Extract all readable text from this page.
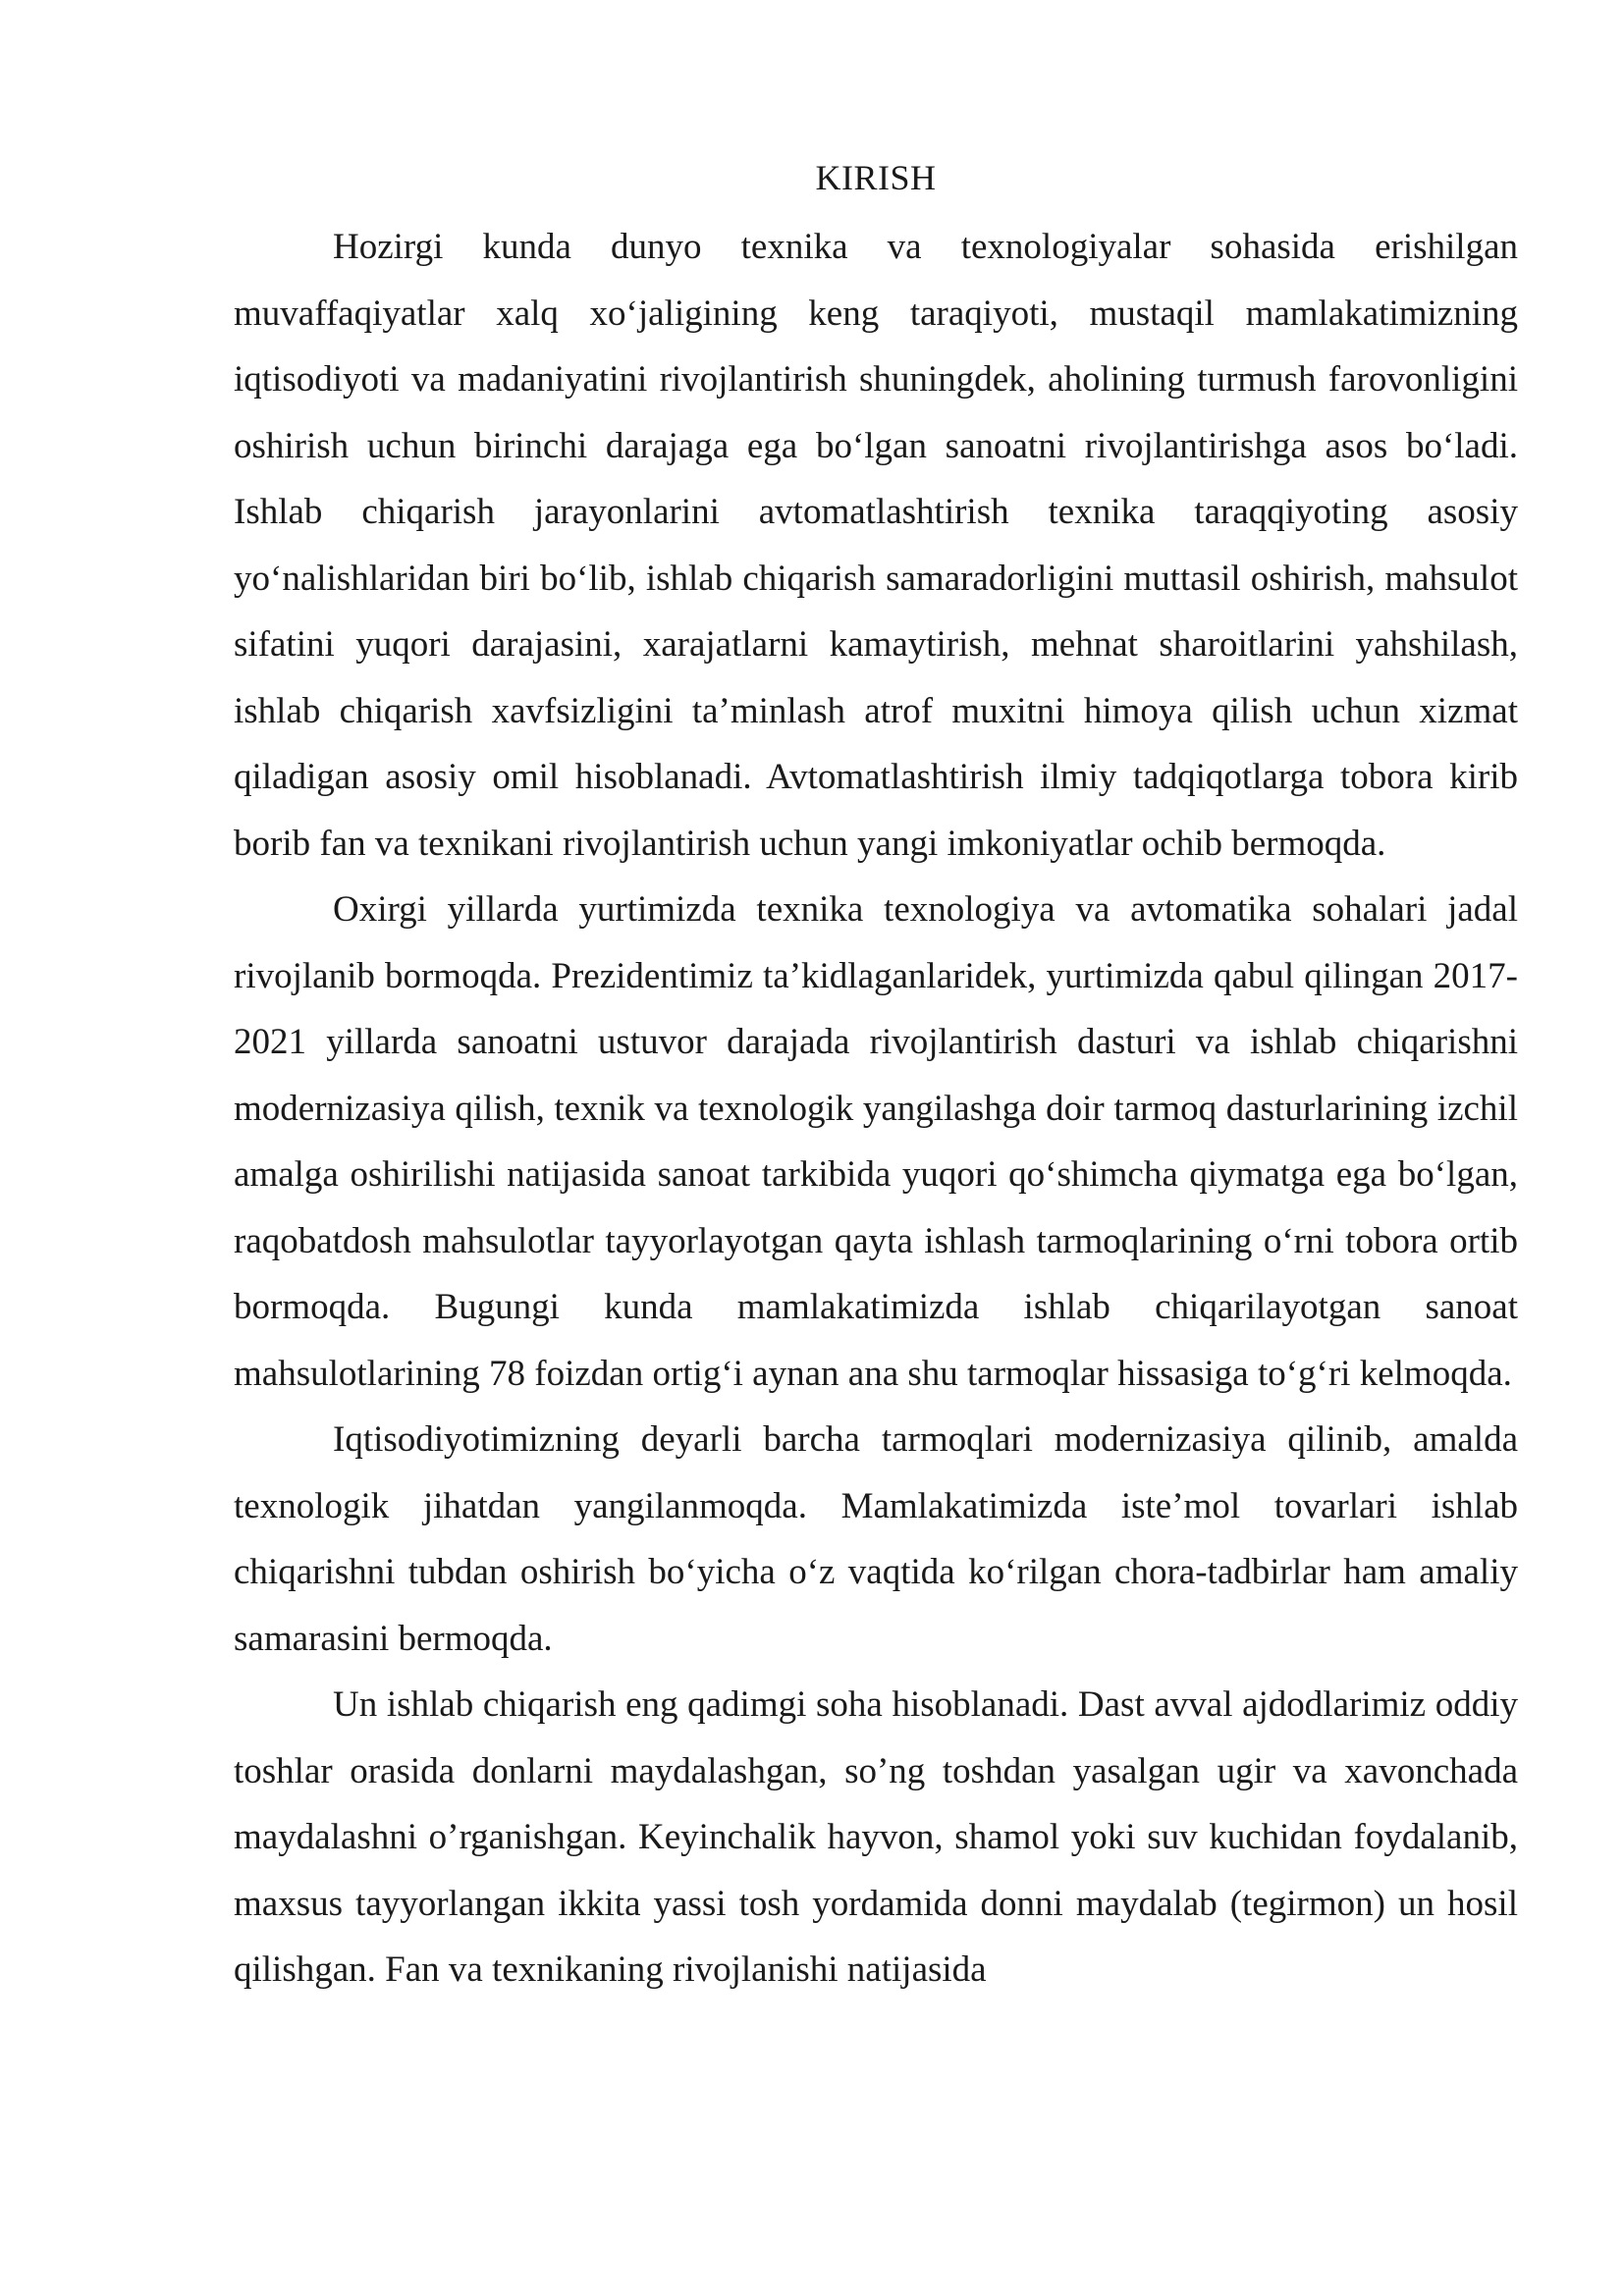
KIRISH

Hozirgi kunda dunyo texnika va texnologiyalar sohasida erishilgan muvaffaqiyatlar xalq xo‘jaligining keng taraqiyoti, mustaqil mamlakatimizning iqtisodiyoti va madaniyatini rivojlantirish shuningdek, aholining turmush farovonligini oshirish uchun birinchi darajaga ega bo‘lgan sanoatni rivojlantirishga asos bo‘ladi. Ishlab chiqarish jarayonlarini avtomatlashtirish texnika taraqqiyoting asosiy yo‘nalishlaridan biri bo‘lib, ishlab chiqarish samaradorligini muttasil oshirish, mahsulot sifatini yuqori darajasini, xarajatlarni kamaytirish, mehnat sharoitlarini yahshilash, ishlab chiqarish xavfsizligini ta’minlash atrof muxitni himoya qilish uchun xizmat qiladigan asosiy omil hisoblanadi. Avtomatlashtirish ilmiy tadqiqotlarga tobora kirib borib fan va texnikani rivojlantirish uchun yangi imkoniyatlar ochib bermoqda.

Oxirgi yillarda yurtimizda texnika texnologiya va avtomatika sohalari jadal rivojlanib bormoqda. Prezidentimiz ta’kidlaganlaridek, yurtimizda qabul qilingan 2017-2021 yillarda sanoatni ustuvor darajada rivojlantirish dasturi va ishlab chiqarishni modernizasiya qilish, texnik va texnologik yangilashga doir tarmoq dasturlarining izchil amalga oshirilishi natijasida sanoat tarkibida yuqori qo‘shimcha qiymatga ega bo‘lgan, raqobatdosh mahsulotlar tayyorlayotgan qayta ishlash tarmoqlarining o‘rni tobora ortib bormoqda. Bugungi kunda mamlakatimizda ishlab chiqarilayotgan sanoat mahsulotlarining 78 foizdan ortig‘i aynan ana shu tarmoqlar hissasiga to‘g‘ri kelmoqda.

Iqtisodiyotimizning deyarli barcha tarmoqlari modernizasiya qilinib, amalda texnologik jihatdan yangilanmoqda. Mamlakatimizda iste’mol tovarlari ishlab chiqarishni tubdan oshirish bo‘yicha o‘z vaqtida ko‘rilgan chora-tadbirlar ham amaliy samarasini bermoqda.

Un ishlab chiqarish eng qadimgi soha hisoblanadi. Dast avval ajdodlarimiz oddiy toshlar orasida donlarni maydalashgan, so’ng toshdan yasalgan ugir va xavonchada maydalashni o’rganishgan. Keyinchalik hayvon, shamol yoki suv kuchidan foydalanib, maxsus tayyorlangan ikkita yassi tosh yordamida donni maydalab (tegirmon) un hosil qilishgan. Fan va texnikaning rivojlanishi natijasida
